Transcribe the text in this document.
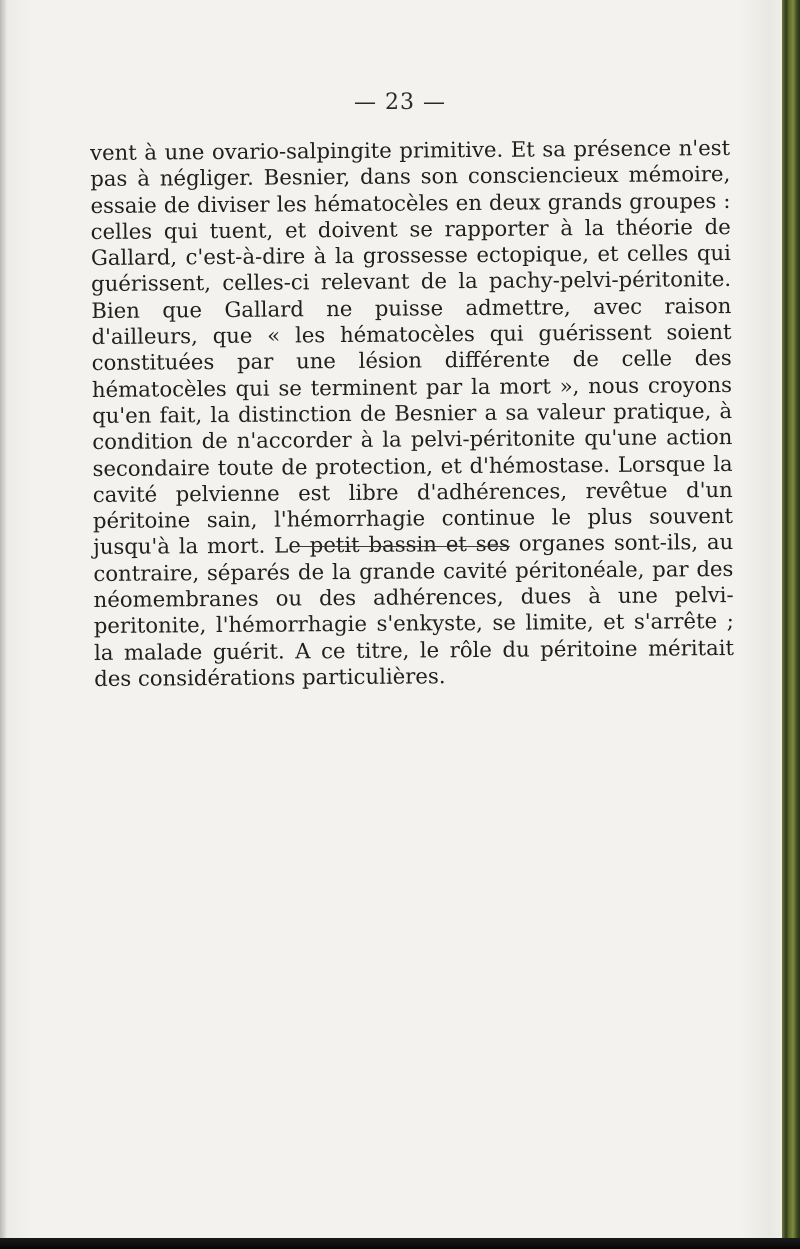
— 23 —

vent à une ovario-salpingite primitive. Et sa présence n'est pas à négliger. Besnier, dans son consciencieux mémoire, essaie de diviser les hématocèles en deux grands groupes : celles qui tuent, et doivent se rapporter à la théorie de Gallard, c'est-à-dire à la grossesse ectopique, et celles qui guérissent, celles-ci relevant de la pachy-pelvi-péritonite. Bien que Gallard ne puisse admettre, avec raison d'ailleurs, que « les hématocèles qui guérissent soient constituées par une lésion différente de celle des hématocèles qui se terminent par la mort », nous croyons qu'en fait, la distinction de Besnier a sa valeur pratique, à condition de n'accorder à la pelvi-péritonite qu'une action secondaire toute de protection, et d'hémostase. Lorsque la cavité pelvienne est libre d'adhérences, revêtue d'un péritoine sain, l'hémorrhagie continue le plus souvent jusqu'à la mort. Le petit bassin et ses organes sont-ils, au contraire, séparés de la grande cavité péritonéale, par des néomembranes ou des adhérences, dues à une pelvi-peritonite, l'hémorrhagie s'enkyste, se limite, et s'arrête ; la malade guérit. A ce titre, le rôle du péritoine méritait des considérations particulières.
